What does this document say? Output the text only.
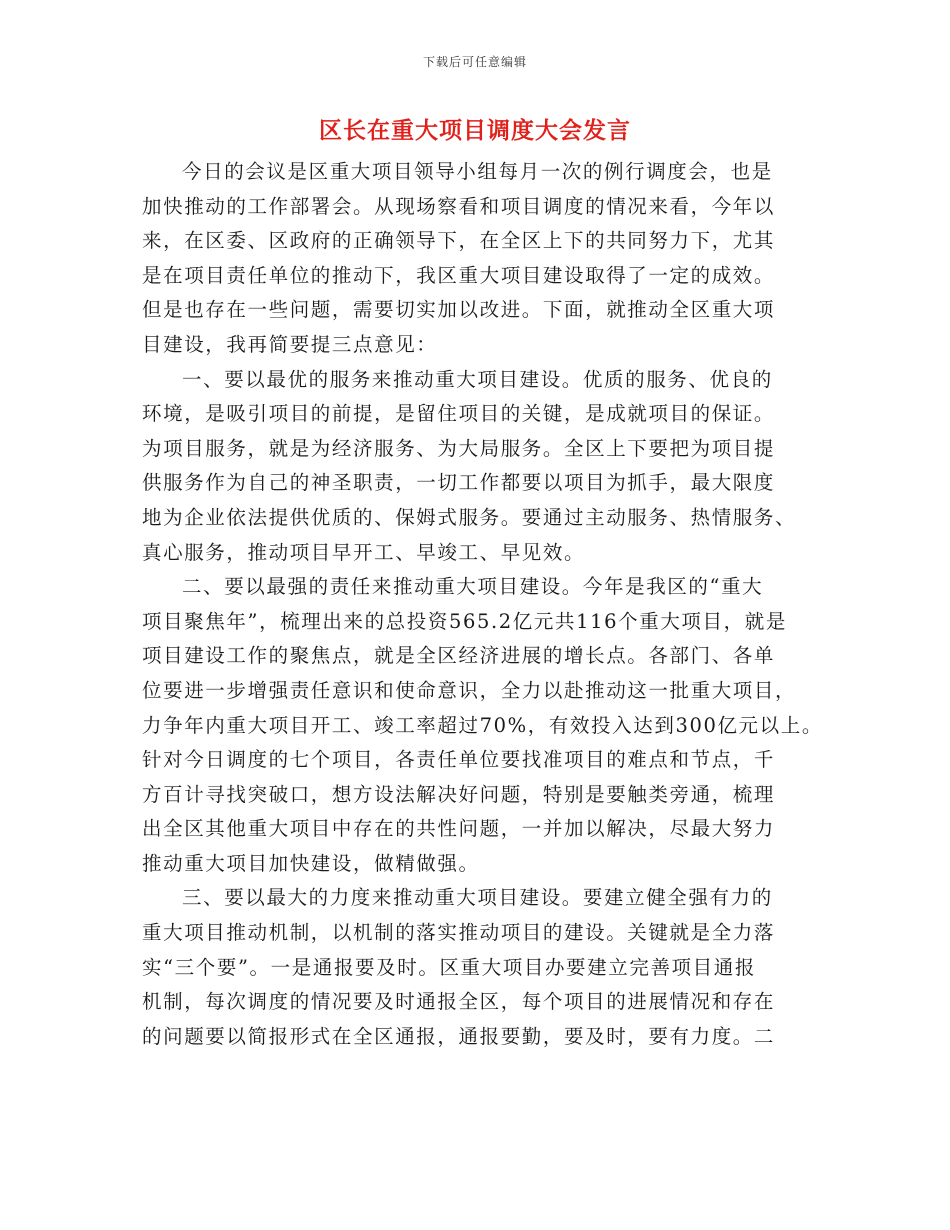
下载后可任意编辑
区长在重大项目调度大会发言
今日的会议是区重大项目领导小组每月一次的例行调度会，也是
加快推动的工作部署会。从现场察看和项目调度的情况来看，今年以
来，在区委、区政府的正确领导下，在全区上下的共同努力下，尤其
是在项目责任单位的推动下，我区重大项目建设取得了一定的成效。
但是也存在一些问题，需要切实加以改进。下面，就推动全区重大项
目建设，我再简要提三点意见：
一、要以最优的服务来推动重大项目建设。优质的服务、优良的
环境，是吸引项目的前提，是留住项目的关键，是成就项目的保证。
为项目服务，就是为经济服务、为大局服务。全区上下要把为项目提
供服务作为自己的神圣职责，一切工作都要以项目为抓手，最大限度
地为企业依法提供优质的、保姆式服务。要通过主动服务、热情服务、
真心服务，推动项目早开工、早竣工、早见效。
二、要以最强的责任来推动重大项目建设。今年是我区的“重大
项目聚焦年”，梳理出来的总投资565.2亿元共116个重大项目，就是
项目建设工作的聚焦点，就是全区经济进展的增长点。各部门、各单
位要进一步增强责任意识和使命意识，全力以赴推动这一批重大项目，
力争年内重大项目开工、竣工率超过70%，有效投入达到300亿元以上。
针对今日调度的七个项目，各责任单位要找准项目的难点和节点，千
方百计寻找突破口，想方设法解决好问题，特别是要触类旁通，梳理
出全区其他重大项目中存在的共性问题，一并加以解决，尽最大努力
推动重大项目加快建设，做精做强。
三、要以最大的力度来推动重大项目建设。要建立健全强有力的
重大项目推动机制，以机制的落实推动项目的建设。关键就是全力落
实“三个要”。一是通报要及时。区重大项目办要建立完善项目通报
机制，每次调度的情况要及时通报全区，每个项目的进展情况和存在
的问题要以简报形式在全区通报，通报要勤，要及时，要有力度。二
